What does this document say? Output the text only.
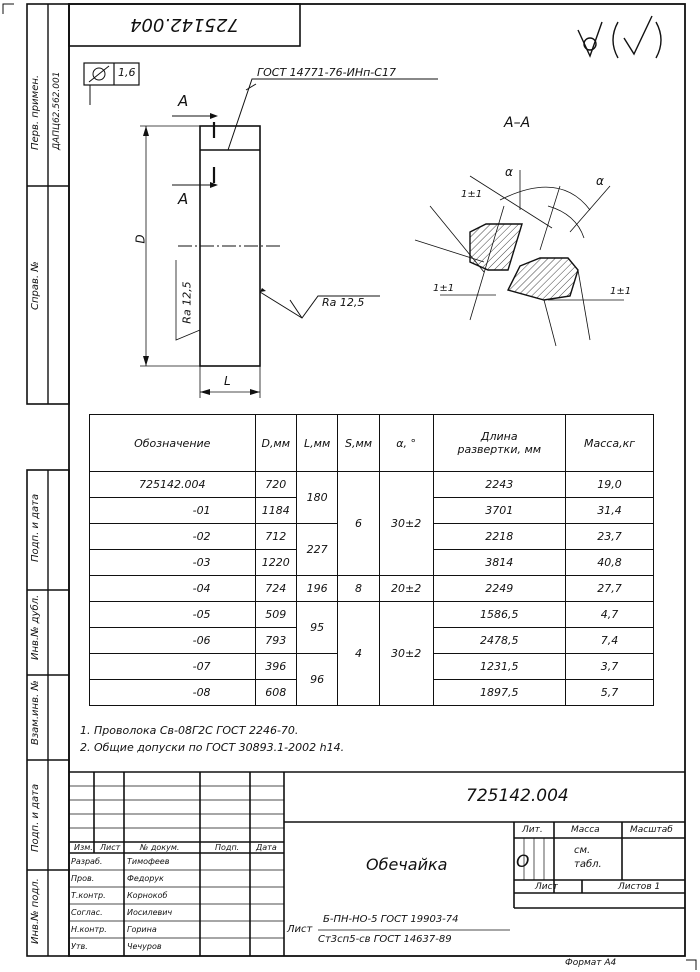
725142.004
1,6	ГОСТ 14771-76-ИНп-С17
A–A
A
A
D
L
Ra 12,5	Ra 12,5
α
α
1±1
1±1	1±1
Формат А4
Перв. примен. ДАПЦ62.562.001
Справ. №
Подп. и дата
Инв.№ дубл.
Взам.инв. №
Подп. и дата
Инв.№ подл.
Обозначение	D,мм	L,мм	S,мм	α, °	Длина развертки, мм	Масса,кг
725142.004	720	180	6	30±2	2243	19,0
-01	1184				3701	31,4
-02	712	227			2218	23,7
-03	1220				3814	40,8
-04	724	196	8	20±2	2249	27,7
-05	509	95	4	30±2	1586,5	4,7
-06	793				2478,5	7,4
-07	396	96			1231,5	3,7
-08	608				1897,5	5,7
1. Проволока Св-08Г2С ГОСТ 2246-70.
2. Общие допуски по ГОСТ 30893.1-2002 h14.
725142.004
Обечайка
Лит.	Масса	Масштаб
О
см. табл.
Лист	Листов 1
Изм. Лист № докум.	Подп. Дата
Разраб.
Пров.
Т.контр.
Соглас.
Н.контр.
Утв.
Тимофеев
Федорук
Корнокоб
Иосилевич
Горина
Чечуров
Лист
Б-ПН-НО-5 ГОСТ 19903-74
Ст3сп5-св ГОСТ 14637-89
